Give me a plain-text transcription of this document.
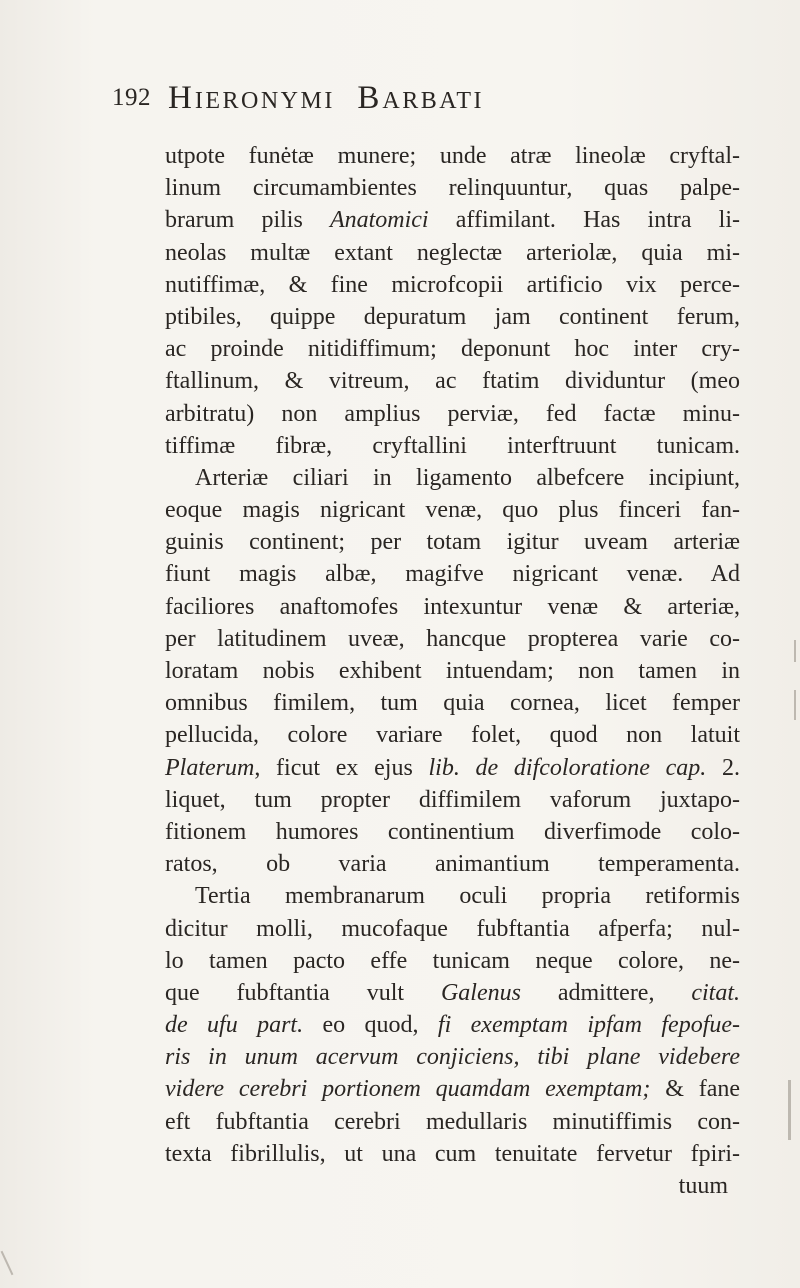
192 HIERONYMI BARBATI
utpote funėtæ munere; unde atræ lineolæ cryftal-
linum circumambientes relinquuntur, quas palpe-
brarum pilis Anatomici affimilant. Has intra li-
neolas multæ extant neglectæ arteriolæ, quia mi-
nutiffimæ, & fine microfcopii artificio vix perce-
ptibiles, quippe depuratum jam continent ferum,
ac proinde nitidiffimum; deponunt hoc inter cry-
ftallinum, & vitreum, ac ftatim dividuntur (meo
arbitratu) non amplius perviæ, fed factæ minu-
tiffimæ fibræ, cryftallini interftruunt tunicam.
Arteriæ ciliari in ligamento albefcere incipiunt,
eoque magis nigricant venæ, quo plus finceri fan-
guinis continent; per totam igitur uveam arteriæ
fiunt magis albæ, magifve nigricant venæ. Ad
faciliores anaftomofes intexuntur venæ & arteriæ,
per latitudinem uveæ, hancque propterea varie co-
loratam nobis exhibent intuendam; non tamen in
omnibus fimilem, tum quia cornea, licet femper
pellucida, colore variare folet, quod non latuit
Platerum, ficut ex ejus lib. de difcoloratione cap. 2.
liquet, tum propter diffimilem vaforum juxtapo-
fitionem humores continentium diverfimode colo-
ratos, ob varia animantium temperamenta.
Tertia membranarum oculi propria retiformis
dicitur molli, mucofaque fubftantia afperfa; nul-
lo tamen pacto effe tunicam neque colore, ne-
que fubftantia vult Galenus admittere, citat.
de ufu part. eo quod, fi exemptam ipfam fepofue-
ris in unum acervum conjiciens, tibi plane videbere
videre cerebri portionem quamdam exemptam; & fane
eft fubftantia cerebri medullaris minutiffimis con-
texta fibrillulis, ut una cum tenuitate fervetur fpiri-
tuum
